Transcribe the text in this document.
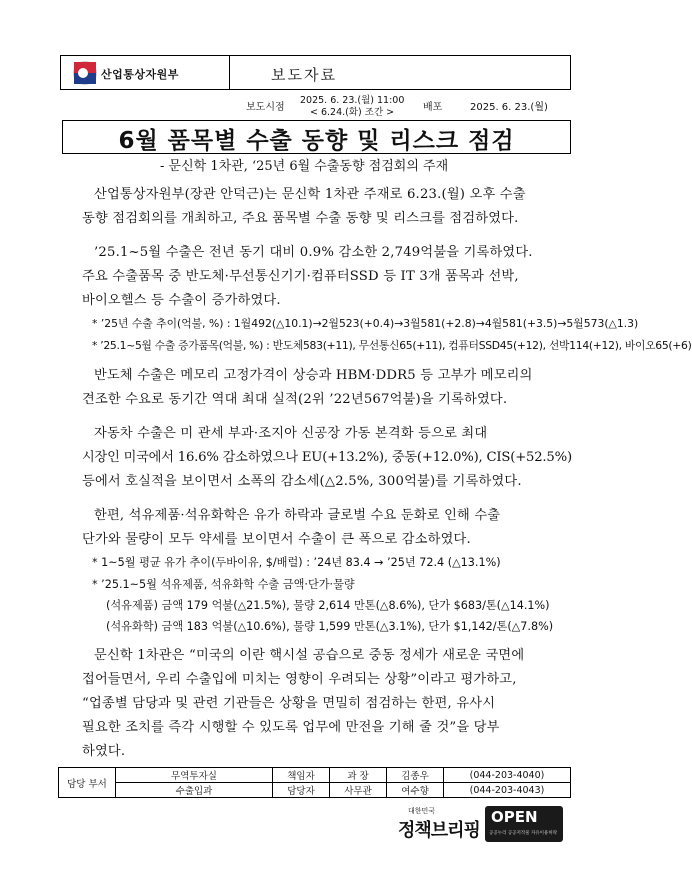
산업통상자원부	보도자료
보도시점
2025. 6. 23.(월) 11:00
< 6.24.(화) 조간 >	배포	2025. 6. 23.(월)
6월 품목별 수출 동향 및 리스크 점검
- 문신학 1차관, ‘25년 6월 수출동향 점검회의 주재
산업통상자원부(장관 안덕근)는 문신학 1차관 주재로 6.23.(월) 오후 수출
동향 점검회의를 개최하고, 주요 품목별 수출 동향 및 리스크를 점검하였다.
’25.1~5월 수출은 전년 동기 대비 0.9% 감소한 2,749억불을 기록하였다.
주요 수출품목 중 반도체·무선통신기기·컴퓨터SSD 등 IT 3개 품목과 선박,
바이오헬스 등 수출이 증가하였다.
* ’25년 수출 추이(억불, %) : 1월492(△10.1)→2월523(+0.4)→3월581(+2.8)→4월581(+3.5)→5월573(△1.3)
* ’25.1~5월 수출 증가품목(억불, %) : 반도체583(+11), 무선통신65(+11), 컴퓨터SSD45(+12), 선박114(+12), 바이오65(+6)
반도체 수출은 메모리 고정가격이 상승과 HBM·DDR5 등 고부가 메모리의
견조한 수요로 동기간 역대 최대 실적(2위 ’22년567억불)을 기록하였다.
자동차 수출은 미 관세 부과·조지아 신공장 가동 본격화 등으로 최대
시장인 미국에서 16.6% 감소하였으나 EU(+13.2%), 중동(+12.0%), CIS(+52.5%)
등에서 호실적을 보이면서 소폭의 감소세(△2.5%, 300억불)를 기록하였다.
한편, 석유제품·석유화학은 유가 하락과 글로벌 수요 둔화로 인해 수출
단가와 물량이 모두 약세를 보이면서 수출이 큰 폭으로 감소하였다.
* 1~5월 평균 유가 추이(두바이유, $/배럴) : ’24년 83.4 → ’25년 72.4 (△13.1%)
* ’25.1~5월 석유제품, 석유화학 수출 금액·단가·물량
(석유제품) 금액 179 억불(△21.5%), 물량 2,614 만톤(△8.6%), 단가 $683/톤(△14.1%)
(석유화학) 금액 183 억불(△10.6%), 물량 1,599 만톤(△3.1%), 단가 $1,142/톤(△7.8%)
문신학 1차관은 “미국의 이란 핵시설 공습으로 중동 정세가 새로운 국면에
접어들면서, 우리 수출입에 미치는 영향이 우려되는 상황”이라고 평가하고,
“업종별 담당과 및 관련 기관들은 상황을 면밀히 점검하는 한편, 유사시
필요한 조치를 즉각 시행할 수 있도록 업무에 만전을 기해 줄 것”을 당부
하였다.
담당 부서	무역투자실	책임자	과 장	김종우	(044-203-4040)
	수출입과	담당자	사무관	여수향	(044-203-4043)
대한민국
정책브리핑
OPEN
공공누리 공공저작물 자유이용허락
